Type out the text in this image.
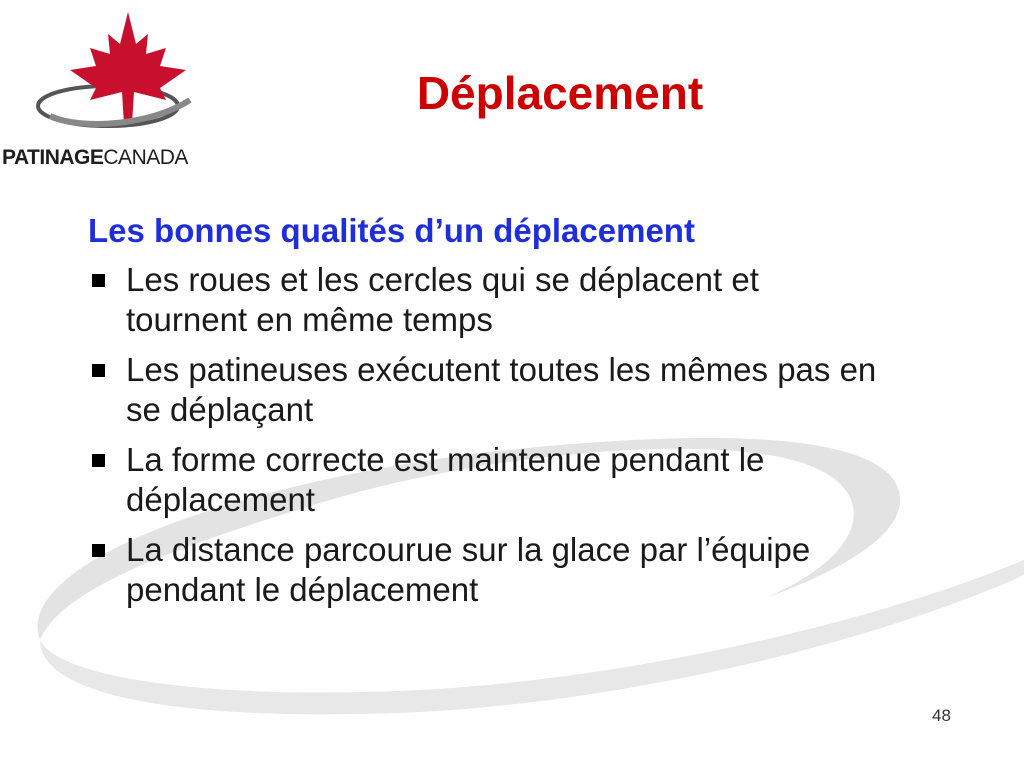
PATINAGECANADA
Déplacement
Les bonnes qualités d’un déplacement
Les roues et les cercles qui se déplacent et tournent en même temps
Les patineuses exécutent toutes les mêmes pas en se déplaçant
La forme correcte est maintenue pendant le déplacement
La distance parcourue sur la glace par l’équipe pendant le déplacement
48
